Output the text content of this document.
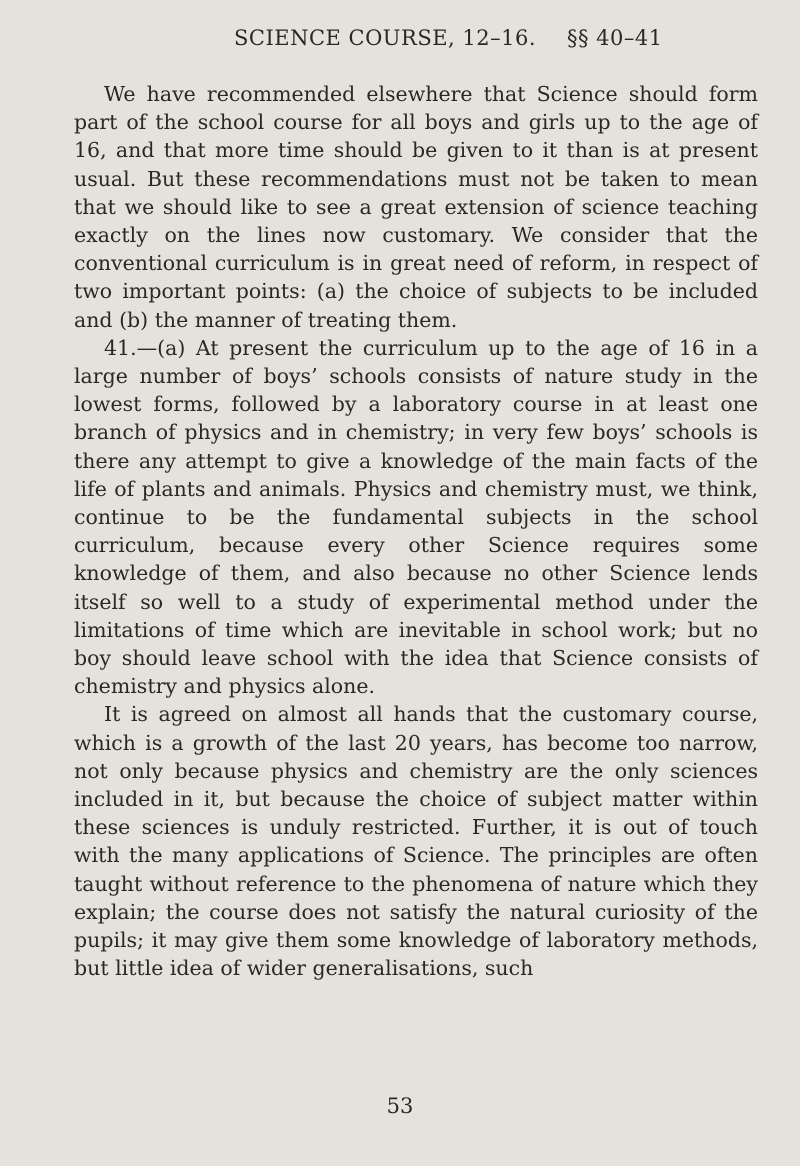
SCIENCE COURSE, 12–16. §§ 40–41

We have recommended elsewhere that Science should form part of the school course for all boys and girls up to the age of 16, and that more time should be given to it than is at present usual. But these recommendations must not be taken to mean that we should like to see a great extension of science teaching exactly on the lines now customary. We consider that the conventional curriculum is in great need of reform, in respect of two important points: (a) the choice of subjects to be included and (b) the manner of treating them.

41.—(a) At present the curriculum up to the age of 16 in a large number of boys’ schools consists of nature study in the lowest forms, followed by a laboratory course in at least one branch of physics and in chemistry; in very few boys’ schools is there any attempt to give a knowledge of the main facts of the life of plants and animals. Physics and chemistry must, we think, continue to be the fundamental subjects in the school curriculum, because every other Science requires some knowledge of them, and also because no other Science lends itself so well to a study of experimental method under the limitations of time which are inevitable in school work; but no boy should leave school with the idea that Science consists of chemistry and physics alone.

It is agreed on almost all hands that the customary course, which is a growth of the last 20 years, has become too narrow, not only because physics and chemistry are the only sciences included in it, but because the choice of subject matter within these sciences is unduly restricted. Further, it is out of touch with the many applications of Science. The principles are often taught without reference to the phenomena of nature which they explain; the course does not satisfy the natural curiosity of the pupils; it may give them some knowledge of laboratory methods, but little idea of wider generalisations, such

53
